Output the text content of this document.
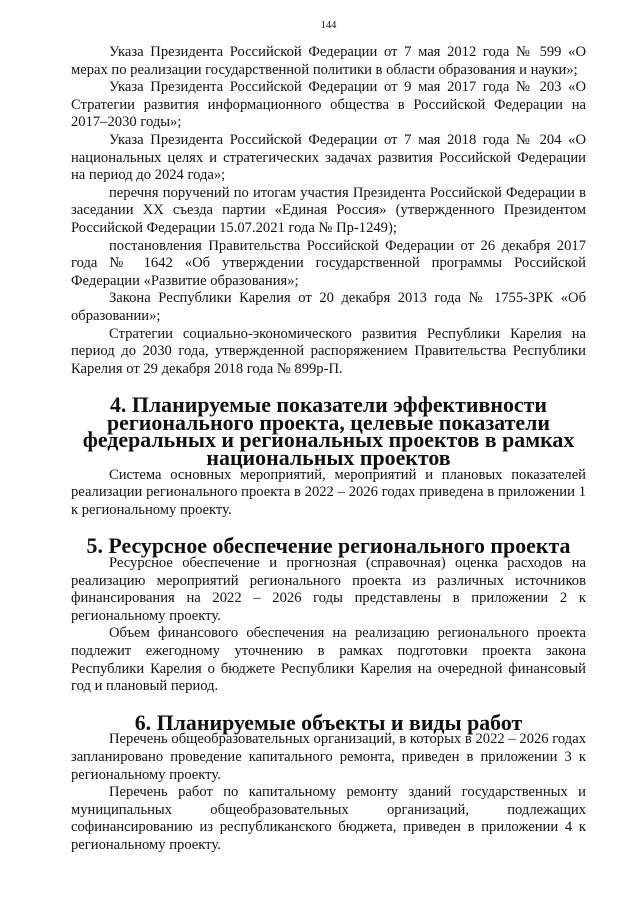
144

Указа Президента Российской Федерации от 7 мая 2012 года № 599 «О мерах по реализации государственной политики в области образования и науки»;

Указа Президента Российской Федерации от 9 мая 2017 года № 203 «О Стратегии развития информационного общества в Российской Федерации на 2017–2030 годы»;

Указа Президента Российской Федерации от 7 мая 2018 года № 204 «О национальных целях и стратегических задачах развития Российской Федерации на период до 2024 года»;

перечня поручений по итогам участия Президента Российской Федерации в заседании XX съезда партии «Единая Россия» (утвержденного Президентом Российской Федерации 15.07.2021 года № Пр-1249);

постановления Правительства Российской Федерации от 26 декабря 2017 года № 1642 «Об утверждении государственной программы Российской Федерации «Развитие образования»;

Закона Республики Карелия от 20 декабря 2013 года № 1755-ЗРК «Об образовании»;

Стратегии социально-экономического развития Республики Карелия на период до 2030 года, утвержденной распоряжением Правительства Республики Карелия от 29 декабря 2018 года № 899р-П.

4. Планируемые показатели эффективности регионального проекта, целевые показатели федеральных и региональных проектов в рамках национальных проектов

Система основных мероприятий, мероприятий и плановых показателей реализации регионального проекта в 2022 – 2026 годах приведена в приложении 1 к региональному проекту.

5. Ресурсное обеспечение регионального проекта

Ресурсное обеспечение и прогнозная (справочная) оценка расходов на реализацию мероприятий регионального проекта из различных источников финансирования на 2022 – 2026 годы представлены в приложении 2 к региональному проекту.

Объем финансового обеспечения на реализацию регионального проекта подлежит ежегодному уточнению в рамках подготовки проекта закона Республики Карелия о бюджете Республики Карелия на очередной финансовый год и плановый период.

6. Планируемые объекты и виды работ

Перечень общеобразовательных организаций, в которых в 2022 – 2026 годах запланировано проведение капитального ремонта, приведен в приложении 3 к региональному проекту.

Перечень работ по капитальному ремонту зданий государственных и муниципальных общеобразовательных организаций, подлежащих софинансированию из республиканского бюджета, приведен в приложении 4 к региональному проекту.
